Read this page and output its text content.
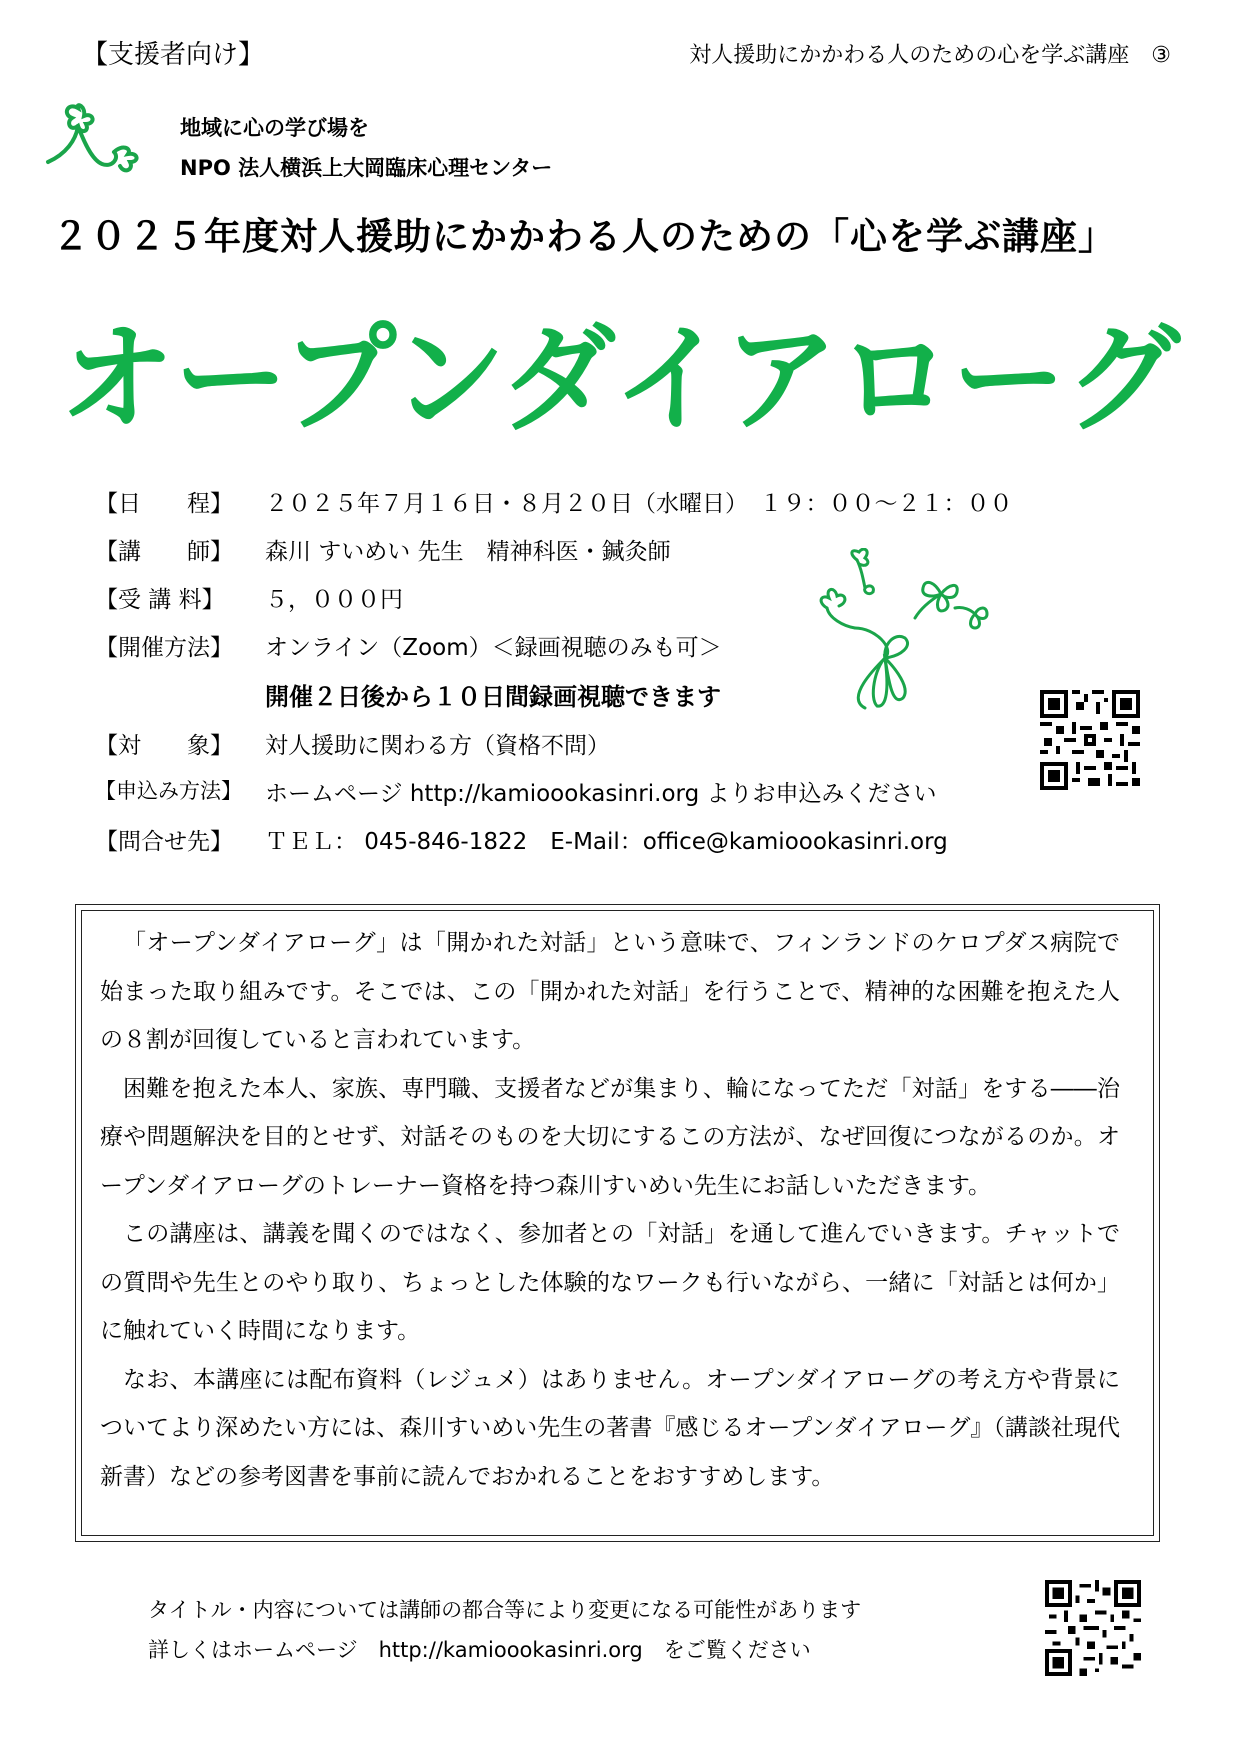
【支援者向け】	対人援助にかかわる人のための心を学ぶ講座　③
地域に心の学び場を
NPO 法人横浜上大岡臨床心理センター
２０２５年度対人援助にかかわる人のための「心を学ぶ講座」
オープンダイアローグ
【日　　程】 ２０２５年７月１６日・８月２０日（水曜日）　１９：００～２１：００
【講　　師】 森川 すいめい 先生　精神科医・鍼灸師
【受 講 料】 ５，０００円
【開催方法】 オンライン（Zoom）＜録画視聴のみも可＞
開催２日後から１０日間録画視聴できます
【対　　象】 対人援助に関わる方（資格不問）
【申込み方法】 ホームページ http://kamioookasinri.org よりお申込みください
【問合せ先】 ＴＥＬ： 045-846-1822　E-Mail：office@kamioookasinri.org

「オープンダイアローグ」は「開かれた対話」という意味で、フィンランドのケロプダス病院で始まった取り組みです。そこでは、この「開かれた対話」を行うことで、精神的な困難を抱えた人の８割が回復していると言われています。

困難を抱えた本人、家族、専門職、支援者などが集まり、輪になってただ「対話」をする――治療や問題解決を目的とせず、対話そのものを大切にするこの方法が、なぜ回復につながるのか。オープンダイアローグのトレーナー資格を持つ森川すいめい先生にお話しいただきます。

この講座は、講義を聞くのではなく、参加者との「対話」を通して進んでいきます。チャットでの質問や先生とのやり取り、ちょっとした体験的なワークも行いながら、一緒に「対話とは何か」に触れていく時間になります。

なお、本講座には配布資料（レジュメ）はありません。オープンダイアローグの考え方や背景についてより深めたい方には、森川すいめい先生の著書『感じるオープンダイアローグ』（講談社現代新書）などの参考図書を事前に読んでおかれることをおすすめします。

タイトル・内容については講師の都合等により変更になる可能性があります
詳しくはホームページ　http://kamioookasinri.org　をご覧ください
